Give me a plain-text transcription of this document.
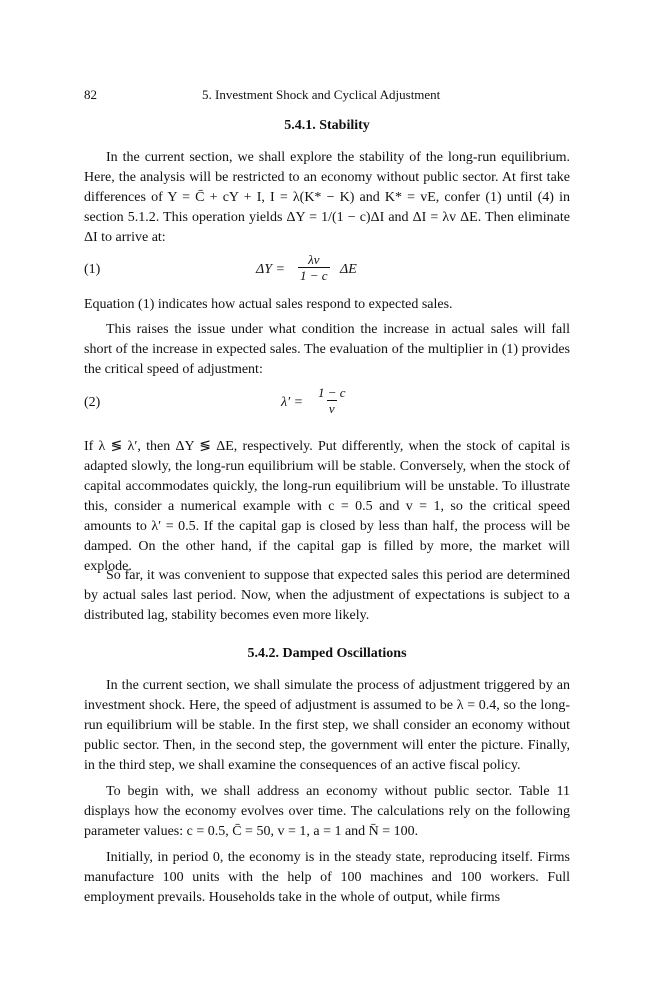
82	5. Investment Shock and Cyclical Adjustment
5.4.1. Stability

In the current section, we shall explore the stability of the long-run equilibrium. Here, the analysis will be restricted to an economy without public sector. At first take differences of Y = C̄ + cY + I, I = λ(K* − K) and K* = vE, confer (1) until (4) in section 5.1.2. This operation yields ΔY = 1/(1 − c)ΔI and ΔI = λv ΔE. Then eliminate ΔI to arrive at:

(1)	$\Delta Y = \frac{\lambda v}{1 - c}$ ΔE

Equation (1) indicates how actual sales respond to expected sales.

This raises the issue under what condition the increase in actual sales will fall short of the increase in expected sales. The evaluation of the multiplier in (1) provides the critical speed of adjustment:

(2)	$\lambda' = \frac{1 - c}{v}$

If λ ≶ λ′, then ΔY ≶ ΔE, respectively. Put differently, when the stock of capital is adapted slowly, the long-run equilibrium will be stable. Conversely, when the stock of capital accommodates quickly, the long-run equilibrium will be unstable. To illustrate this, consider a numerical example with c = 0.5 and v = 1, so the critical speed amounts to λ′ = 0.5. If the capital gap is closed by less than half, the process will be damped. On the other hand, if the capital gap is filled by more, the market will explode.

So far, it was convenient to suppose that expected sales this period are determined by actual sales last period. Now, when the adjustment of expectations is subject to a distributed lag, stability becomes even more likely.

5.4.2. Damped Oscillations

In the current section, we shall simulate the process of adjustment triggered by an investment shock. Here, the speed of adjustment is assumed to be λ = 0.4, so the long-run equilibrium will be stable. In the first step, we shall consider an economy without public sector. Then, in the second step, the government will enter the picture. Finally, in the third step, we shall examine the consequences of an active fiscal policy.

To begin with, we shall address an economy without public sector. Table 11 displays how the economy evolves over time. The calculations rely on the following parameter values: c = 0.5, C̄ = 50, v = 1, a = 1 and N̄ = 100.

Initially, in period 0, the economy is in the steady state, reproducing itself. Firms manufacture 100 units with the help of 100 machines and 100 workers. Full employment prevails. Households take in the whole of output, while firms
